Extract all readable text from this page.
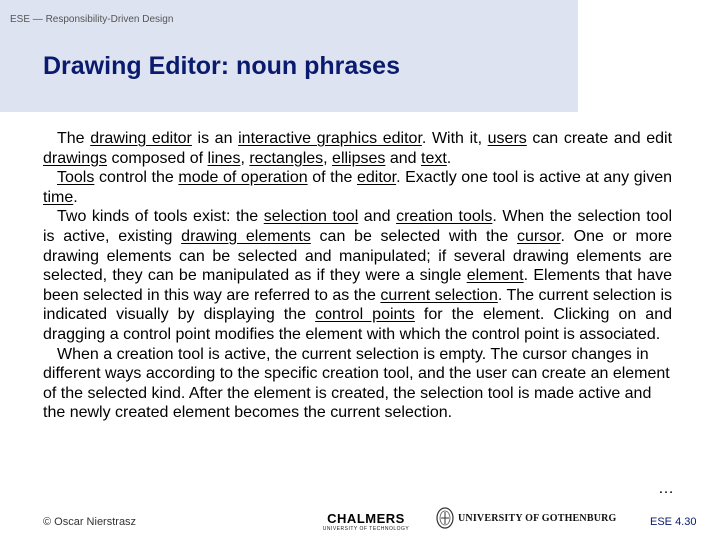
ESE — Responsibility-Driven Design
Drawing Editor: noun phrases

The drawing editor is an interactive graphics editor. With it, users can create and edit drawings composed of lines, rectangles, ellipses and text.

Tools control the mode of operation of the editor. Exactly one tool is active at any given time.

Two kinds of tools exist: the selection tool and creation tools. When the selection tool is active, existing drawing elements can be selected with the cursor. One or more drawing elements can be selected and manipulated; if several drawing elements are selected, they can be manipulated as if they were a single element. Elements that have been selected in this way are referred to as the current selection. The current selection is indicated visually by displaying the control points for the element. Clicking on and dragging a control point modifies the element with which the control point is associated.

When a creation tool is active, the current selection is empty. The cursor changes in different ways according to the specific creation tool, and the user can create an element of the selected kind. After the element is created, the selection tool is made active and the newly created element becomes the current selection.

…
© Oscar Nierstrasz	CHALMERS
UNIVERSITY OF TECHNOLOGY
UNIVERSITY OF GOTHENBURG	ESE 4.30
